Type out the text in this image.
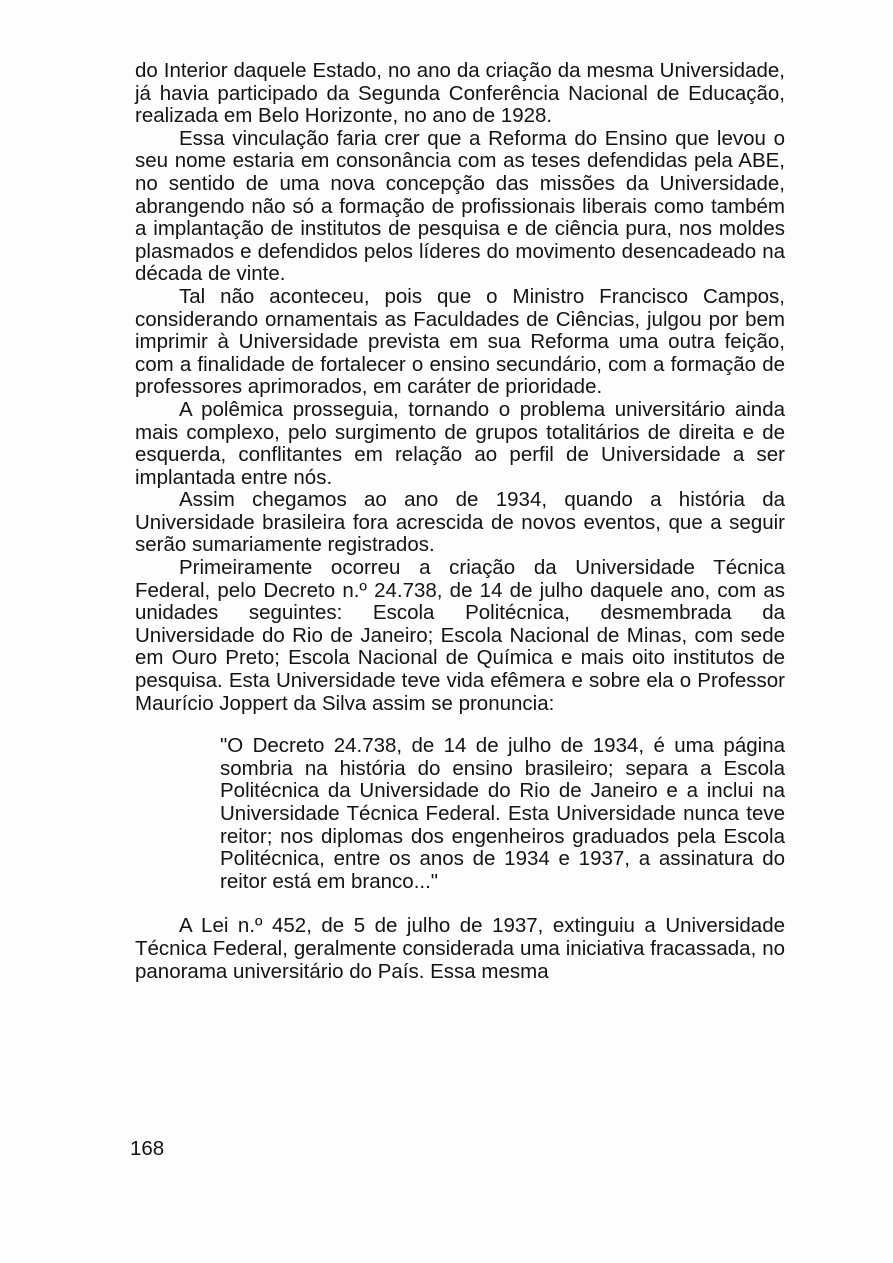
do Interior daquele Estado, no ano da criação da mesma Universidade, já havia participado da Segunda Conferência Nacional de Educação, realizada em Belo Horizonte, no ano de 1928.

Essa vinculação faria crer que a Reforma do Ensino que levou o seu nome estaria em consonância com as teses defendidas pela ABE, no sentido de uma nova concepção das missões da Universidade, abrangendo não só a formação de profissionais liberais como também a implantação de institutos de pesquisa e de ciência pura, nos moldes plasmados e defendidos pelos líderes do movimento desencadeado na década de vinte.

Tal não aconteceu, pois que o Ministro Francisco Campos, considerando ornamentais as Faculdades de Ciências, julgou por bem imprimir à Universidade prevista em sua Reforma uma outra feição, com a finalidade de fortalecer o ensino secundário, com a formação de professores aprimorados, em caráter de prioridade.

A polêmica prosseguia, tornando o problema universitário ainda mais complexo, pelo surgimento de grupos totalitários de direita e de esquerda, conflitantes em relação ao perfil de Universidade a ser implantada entre nós.

Assim chegamos ao ano de 1934, quando a história da Universidade brasileira fora acrescida de novos eventos, que a seguir serão sumariamente registrados.

Primeiramente ocorreu a criação da Universidade Técnica Federal, pelo Decreto n.º 24.738, de 14 de julho daquele ano, com as unidades seguintes: Escola Politécnica, desmembrada da Universidade do Rio de Janeiro; Escola Nacional de Minas, com sede em Ouro Preto; Escola Nacional de Química e mais oito institutos de pesquisa. Esta Universidade teve vida efêmera e sobre ela o Professor Maurício Joppert da Silva assim se pronuncia:

"O Decreto 24.738, de 14 de julho de 1934, é uma página sombria na história do ensino brasileiro; separa a Escola Politécnica da Universidade do Rio de Janeiro e a inclui na Universidade Técnica Federal. Esta Universidade nunca teve reitor; nos diplomas dos engenheiros graduados pela Escola Politécnica, entre os anos de 1934 e 1937, a assinatura do reitor está em branco..."

A Lei n.º 452, de 5 de julho de 1937, extinguiu a Universidade Técnica Federal, geralmente considerada uma iniciativa fracassada, no panorama universitário do País. Essa mesma

168
